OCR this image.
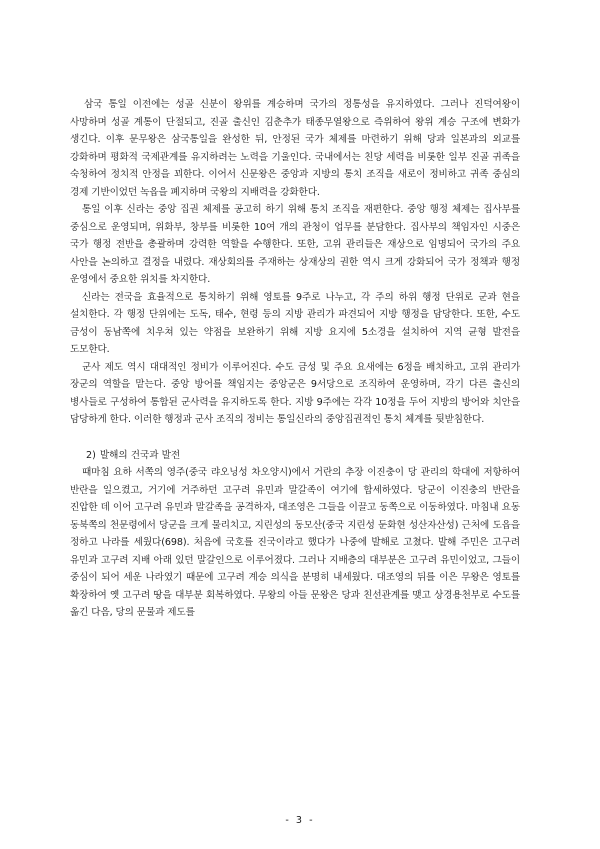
삼국 통일 이전에는 성골 신분이 왕위를 계승하며 국가의 정통성을 유지하였다. 그러나 진덕여왕이 사망하며 성골 계통이 단절되고, 진골 출신인 김춘추가 태종무열왕으로 즉위하여 왕위 계승 구조에 변화가 생긴다. 이후 문무왕은 삼국통일을 완성한 뒤, 안정된 국가 체제를 마련하기 위해 당과 일본과의 외교를 강화하며 평화적 국제관계를 유지하려는 노력을 기울인다. 국내에서는 친당 세력을 비롯한 일부 진골 귀족을 숙청하여 정치적 안정을 꾀한다. 이어서 신문왕은 중앙과 지방의 통치 조직을 새로이 정비하고 귀족 중심의 경제 기반이었던 녹읍을 폐지하며 국왕의 지배력을 강화한다.

통일 이후 신라는 중앙 집권 체제를 공고히 하기 위해 통치 조직을 재편한다. 중앙 행정 체제는 집사부를 중심으로 운영되며, 위화부, 창부를 비롯한 10여 개의 관청이 업무를 분담한다. 집사부의 책임자인 시중은 국가 행정 전반을 총괄하며 강력한 역할을 수행한다. 또한, 고위 관리들은 재상으로 임명되어 국가의 주요 사안을 논의하고 결정을 내렸다. 재상회의를 주재하는 상재상의 권한 역시 크게 강화되어 국가 정책과 행정 운영에서 중요한 위치를 차지한다.

신라는 전국을 효율적으로 통치하기 위해 영토를 9주로 나누고, 각 주의 하위 행정 단위로 군과 현을 설치한다. 각 행정 단위에는 도독, 태수, 현령 등의 지방 관리가 파견되어 지방 행정을 담당한다. 또한, 수도 금성이 동남쪽에 치우쳐 있는 약점을 보완하기 위해 지방 요지에 5소경을 설치하여 지역 균형 발전을 도모한다.

군사 제도 역시 대대적인 정비가 이루어진다. 수도 금성 및 주요 요새에는 6정을 배치하고, 고위 관리가 장군의 역할을 맡는다. 중앙 방어를 책임지는 중앙군은 9서당으로 조직하여 운영하며, 각기 다른 출신의 병사들로 구성하여 통합된 군사력을 유지하도록 한다. 지방 9주에는 각각 10정을 두어 지방의 방어와 치안을 담당하게 한다. 이러한 행정과 군사 조직의 정비는 통일신라의 중앙집권적인 통치 체계를 뒷받침한다.

2) 발해의 건국과 발전

때마침 요하 서쪽의 영주(중국 랴오닝성 차오양시)에서 거란의 추장 이진충이 당 관리의 학대에 저항하여 반란을 일으켰고, 거기에 거주하던 고구려 유민과 말갈족이 여기에 합세하였다. 당군이 이진충의 반란을 진압한 데 이어 고구려 유민과 말갈족을 공격하자, 대조영은 그들을 이끌고 동쪽으로 이동하였다. 마침내 요동 동북쪽의 천문령에서 당군을 크게 물리치고, 지린성의 동모산(중국 지린성 둔화현 성산자산성) 근처에 도읍을 정하고 나라를 세웠다(698). 처음에 국호를 진국이라고 했다가 나중에 발해로 고쳤다. 발해 주민은 고구려 유민과 고구려 지배 아래 있던 말갈인으로 이루어졌다. 그러나 지배층의 대부분은 고구려 유민이었고, 그들이 중심이 되어 세운 나라였기 때문에 고구려 계승 의식을 분명히 내세웠다. 대조영의 뒤를 이은 무왕은 영토를 확장하여 옛 고구려 땅을 대부분 회복하였다. 무왕의 아들 문왕은 당과 친선관계를 맺고 상경용천부로 수도를 옮긴 다음, 당의 문물과 제도를

- 3 -
